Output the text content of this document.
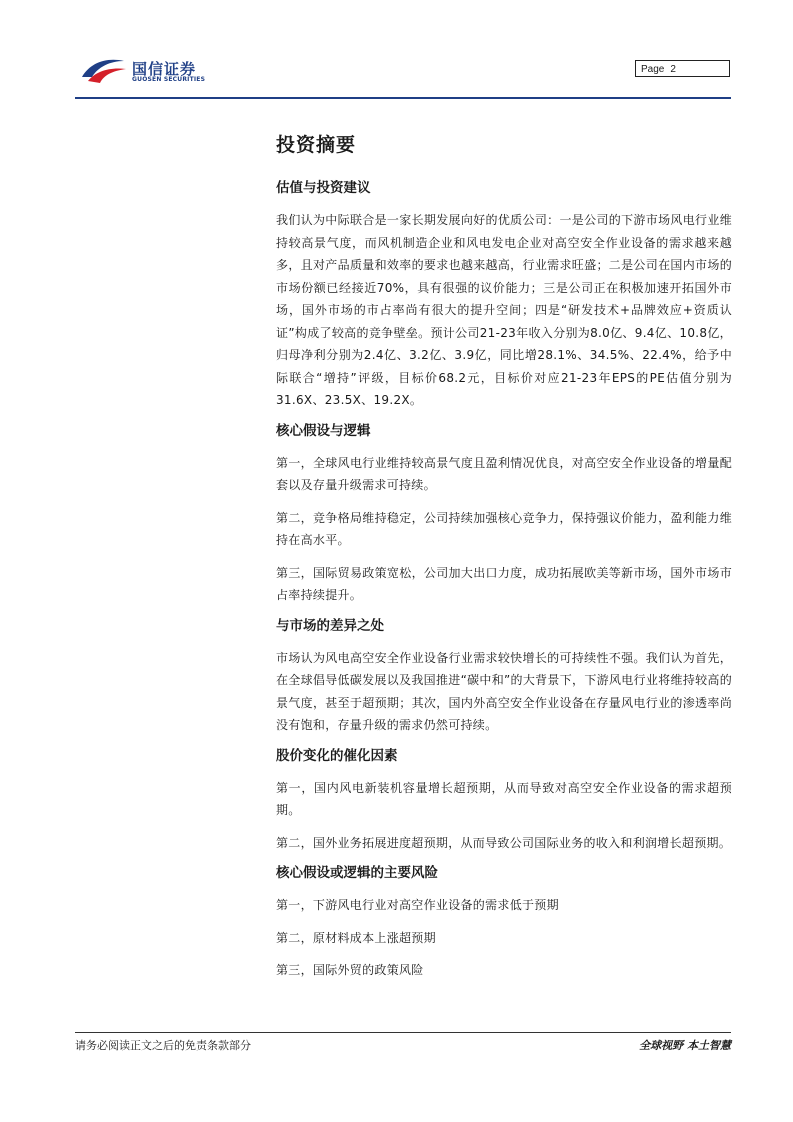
国信证券
GUOSEN SECURITIES
Page 2
投资摘要
估值与投资建议

我们认为中际联合是一家长期发展向好的优质公司：一是公司的下游市场风电行业维持较高景气度，而风机制造企业和风电发电企业对高空安全作业设备的需求越来越多，且对产品质量和效率的要求也越来越高，行业需求旺盛；二是公司在国内市场的市场份额已经接近70%，具有很强的议价能力；三是公司正在积极加速开拓国外市场，国外市场的市占率尚有很大的提升空间；四是“研发技术+品牌效应+资质认证”构成了较高的竞争壁垒。预计公司21-23年收入分别为8.0亿、9.4亿、10.8亿，归母净利分别为2.4亿、3.2亿、3.9亿，同比增28.1%、34.5%、22.4%，给予中际联合“增持”评级，目标价68.2元，目标价对应21-23年EPS的PE估值分别为31.6X、23.5X、19.2X。

核心假设与逻辑

第一，全球风电行业维持较高景气度且盈利情况优良，对高空安全作业设备的增量配套以及存量升级需求可持续。

第二，竞争格局维持稳定，公司持续加强核心竞争力，保持强议价能力，盈利能力维持在高水平。

第三，国际贸易政策宽松，公司加大出口力度，成功拓展欧美等新市场，国外市场市占率持续提升。

与市场的差异之处

市场认为风电高空安全作业设备行业需求较快增长的可持续性不强。我们认为首先，在全球倡导低碳发展以及我国推进“碳中和”的大背景下，下游风电行业将维持较高的景气度，甚至于超预期；其次，国内外高空安全作业设备在存量风电行业的渗透率尚没有饱和，存量升级的需求仍然可持续。

股价变化的催化因素

第一，国内风电新装机容量增长超预期，从而导致对高空安全作业设备的需求超预期。

第二，国外业务拓展进度超预期，从而导致公司国际业务的收入和利润增长超预期。

核心假设或逻辑的主要风险

第一，下游风电行业对高空作业设备的需求低于预期

第二，原材料成本上涨超预期

第三，国际外贸的政策风险

请务必阅读正文之后的免责条款部分	全球视野 本土智慧
